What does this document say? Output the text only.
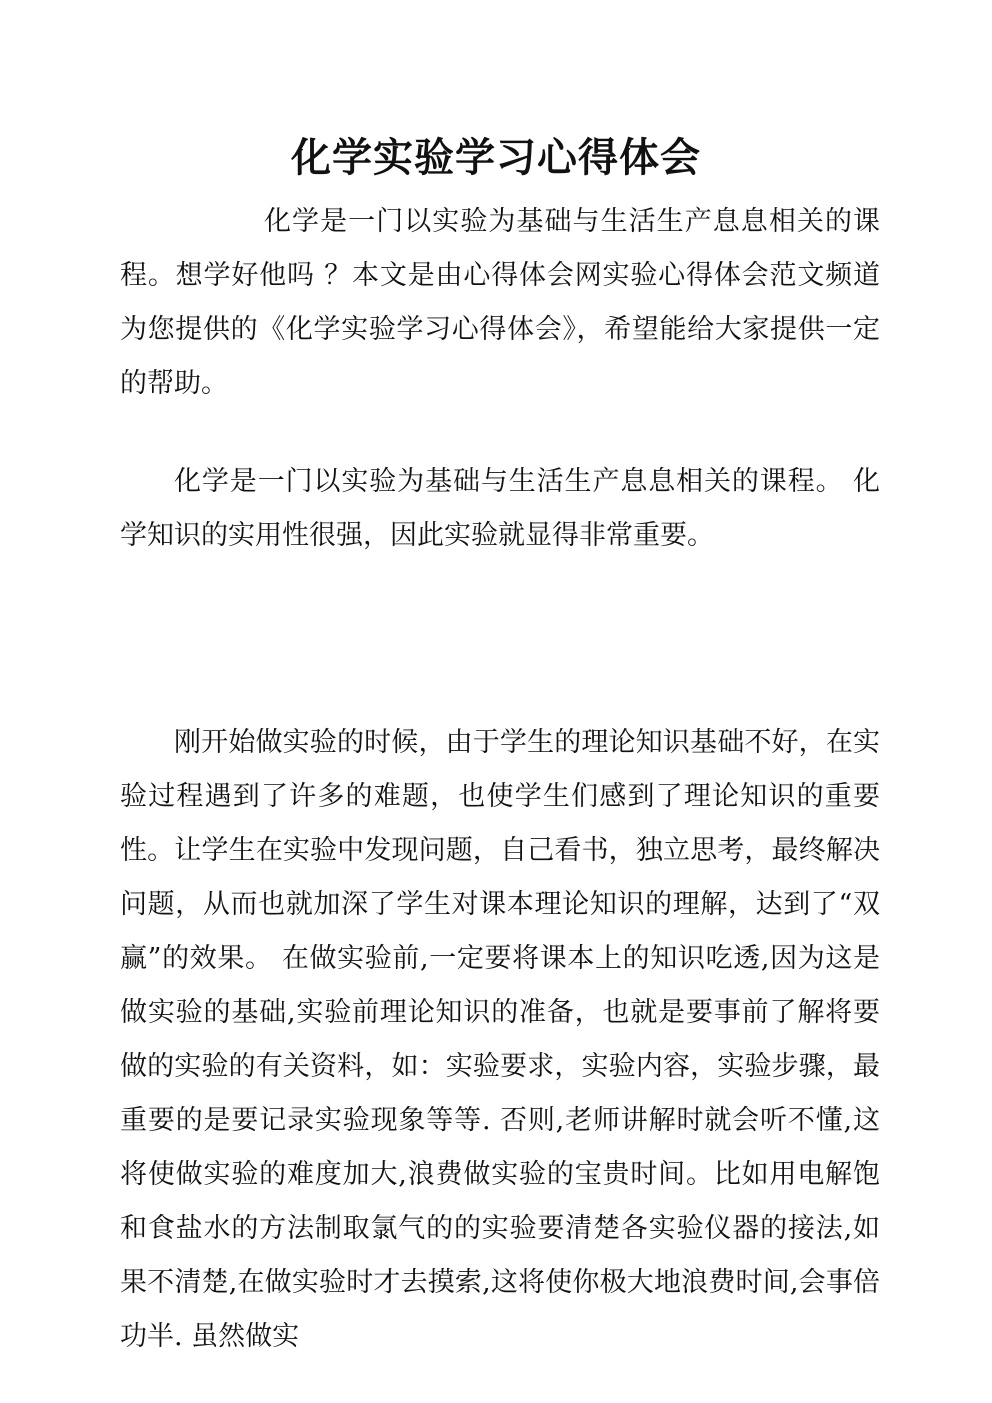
化学实验学习心得体会

化学是一门以实验为基础与生活生产息息相关的课程。想学好他吗 ？本文是由心得体会网实验心得体会范文频道为您提供的《化学实验学习心得体会》，希望能给大家提供一定的帮助。

化学是一门以实验为基础与生活生产息息相关的课程。 化学知识的实用性很强，因此实验就显得非常重要。

刚开始做实验的时候，由于学生的理论知识基础不好，在实验过程遇到了许多的难题，也使学生们感到了理论知识的重要性。让学生在实验中发现问题，自己看书，独立思考，最终解决问题，从而也就加深了学生对课本理论知识的理解，达到了“双赢”的效果。 在做实验前,一定要将课本上的知识吃透,因为这是做实验的基础,实验前理论知识的准备，也就是要事前了解将要做的实验的有关资料，如：实验要求，实验内容，实验步骤，最重要的是要记录实验现象等等. 否则,老师讲解时就会听不懂,这将使做实验的难度加大,浪费做实验的宝贵时间。比如用电解饱和食盐水的方法制取氯气的的实验要清楚各实验仪器的接法,如果不清楚,在做实验时才去摸索,这将使你极大地浪费时间,会事倍功半. 虽然做实
